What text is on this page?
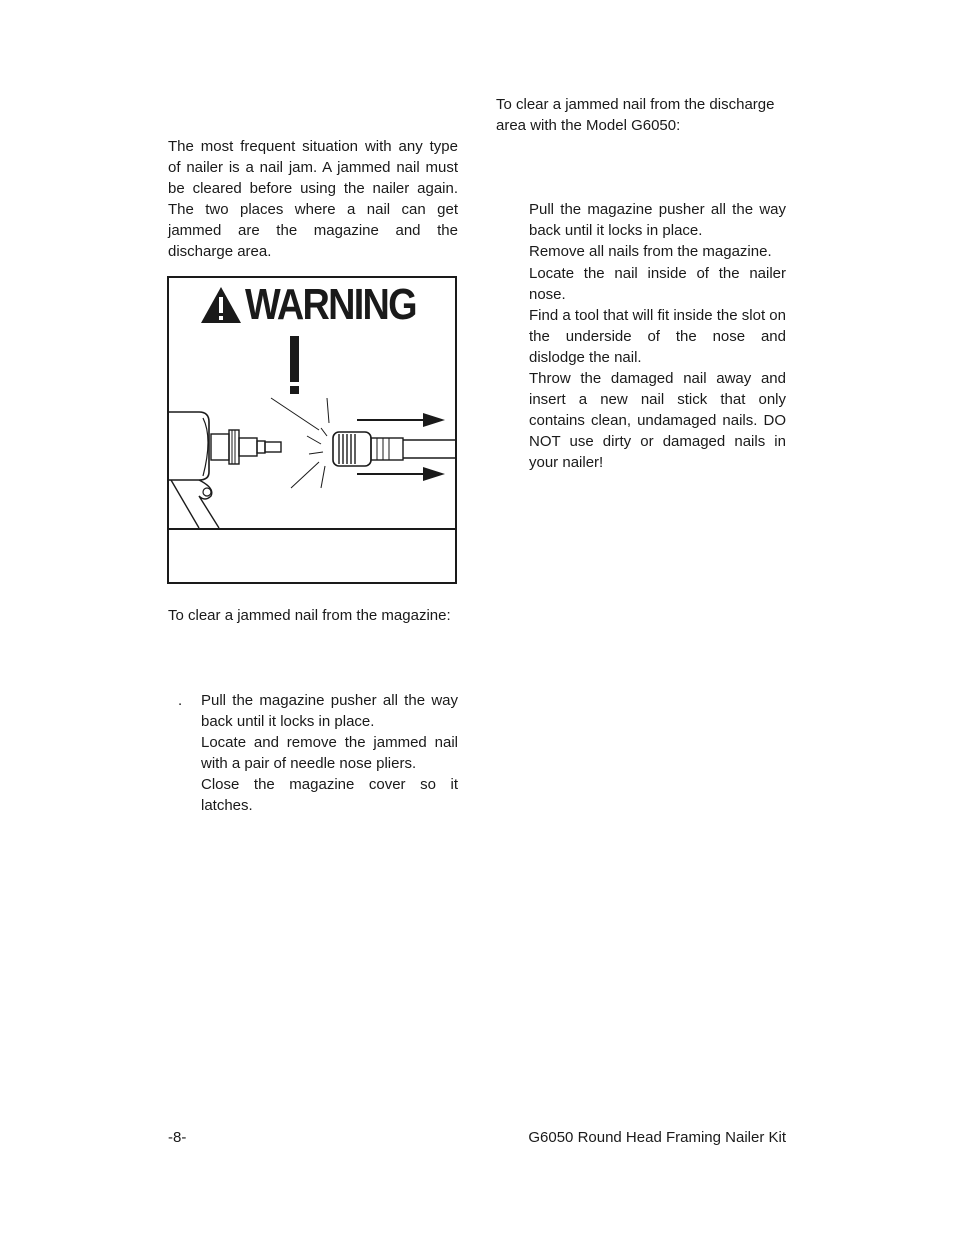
The most frequent situation with any type of nailer is a nail jam. A jammed nail must be cleared before using the nailer again. The two places where a nail can get jammed are the magazine and the discharge area.
WARNING
To clear a jammed nail from the magazine:
. Pull the magazine pusher all the way back until it locks in place.
Locate and remove the jammed nail with a pair of needle nose pliers.
Close the magazine cover so it latches.
To clear a jammed nail from the discharge area with the Model G6050:
Pull the magazine pusher all the way back until it locks in place.
Remove all nails from the magazine.
Locate the nail inside of the nailer nose.
Find a tool that will fit inside the slot on the underside of the nose and dislodge the nail.
Throw the damaged nail away and insert a new nail stick that only contains clean, undamaged nails. DO NOT use dirty or damaged nails in your nailer!
-8-	G6050 Round Head Framing Nailer Kit
